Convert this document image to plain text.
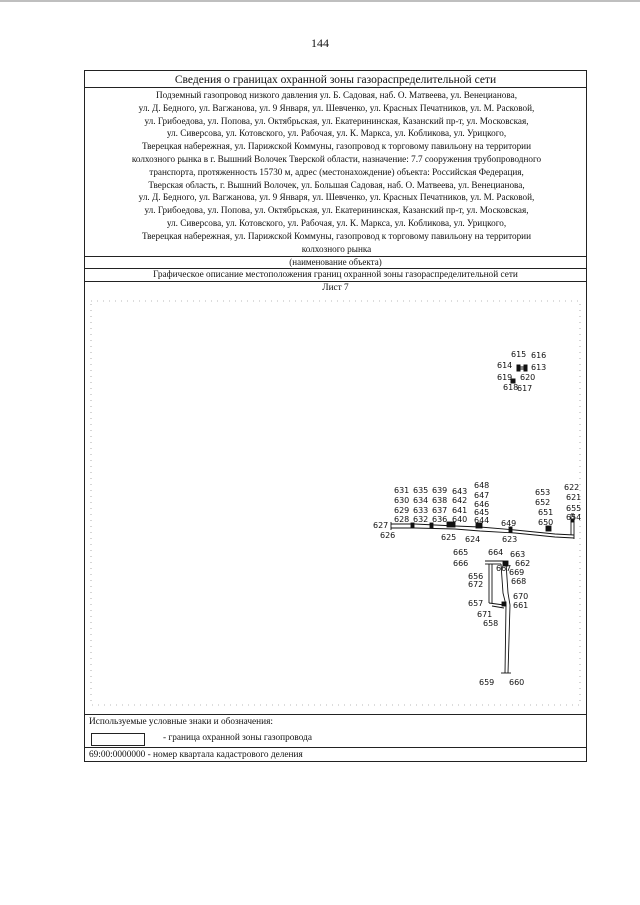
144
Сведения о границах охранной зоны газораспределительной сети
Подземный газопровод низкого давления ул. Б. Садовая, наб. О. Матвеева, ул. Венецианова,
ул. Д. Бедного, ул. Вагжанова, ул. 9 Января, ул. Шевченко, ул. Красных Печатников, ул. М. Расковой,
ул. Грибоедова, ул. Попова, ул. Октябрьская, ул. Екатерининская, Казанский пр-т, ул. Московская,
ул. Сиверсова, ул. Котовского, ул. Рабочая, ул. К. Маркса, ул. Кобликова, ул. Урицкого,
Тверецкая набережная, ул. Парижской Коммуны, газопровод к торговому павильону на территории
колхозного рынка в г. Вышний Волочек Тверской области, назначение: 7.7 сооружения трубопроводного
транспорта, протяженность 15730 м, адрес (местонахождение) объекта: Российская Федерация,
Тверская область, г. Вышний Волочек, ул. Большая Садовая, наб. О. Матвеева, ул. Венецианова,
ул. Д. Бедного, ул. Вагжанова, ул. 9 Января, ул. Шевченко, ул. Красных Печатников, ул. М. Расковой,
ул. Грибоедова, ул. Попова, ул. Октябрьская, ул. Екатерининская, Казанский пр-т, ул. Московская,
ул. Сиверсова, ул. Котовского, ул. Рабочая, ул. К. Маркса, ул. Кобликова, ул. Урицкого,
Тверецкая набережная, ул. Парижской Коммуны, газопровод к торговому павильону на территории
колхозного рынка
(наименование объекта)
Графическое описание местоположения границ охранной зоны газораспределительной сети
Лист 7
615 616
614 613
619 620
618
617
631 635 639 643
648
630 634 638 642
647
629 633 637 641
646
628 632 636 640
645
644
627
626	625 624
649
623
653
652
651
650
622
621
655
654
665 664 663
666	662
667
669
656
668
672
670
657	661
671
658
659 660
Используемые условные знаки и обозначения:
- граница охранной зоны газопровода
69:00:0000000 - номер квартала кадастрового деления
